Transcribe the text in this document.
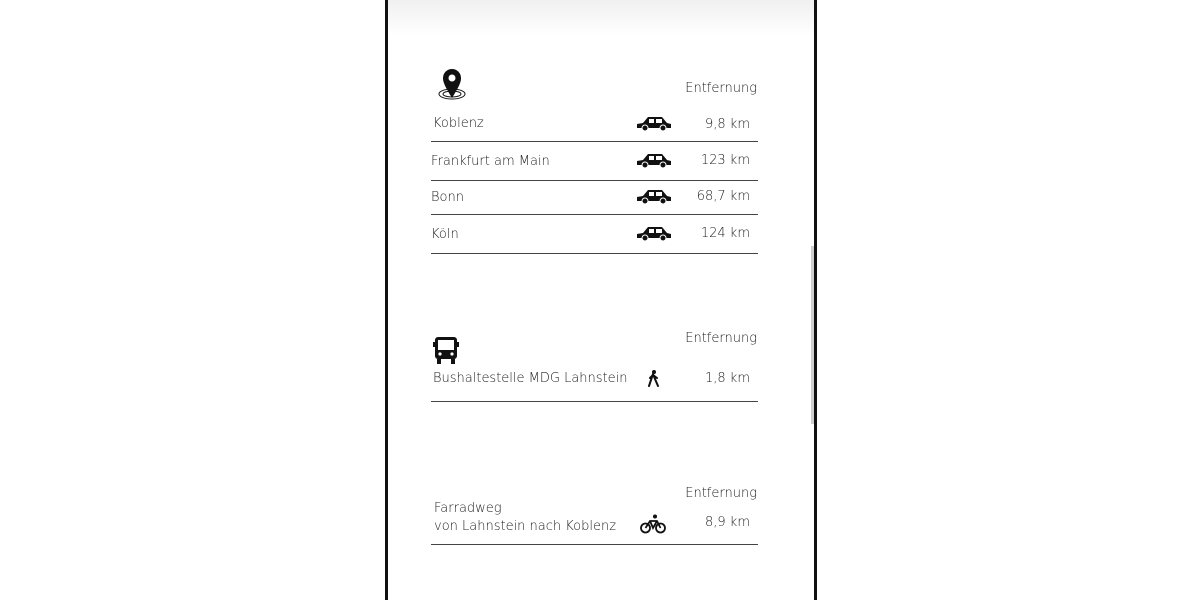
Entfernung
Koblenz	9,8 km
Frankfurt am Main	123 km
Bonn	68,7 km
Köln	124 km
Entfernung
Bushaltestelle MDG Lahnstein	1,8 km
Entfernung
Farradweg
von Lahnstein nach Koblenz	8,9 km
